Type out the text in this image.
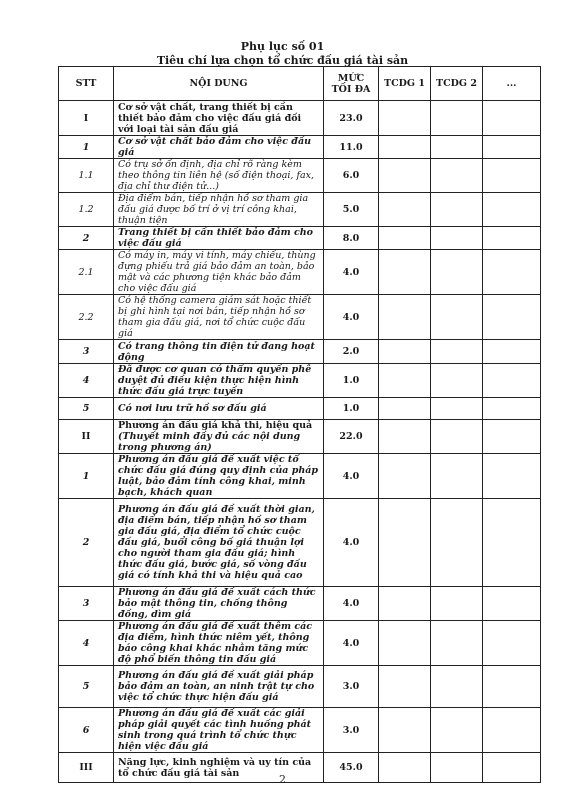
Phụ lục số 01
Tiêu chí lựa chọn tổ chức đấu giá tài sản
STT	NỘI DUNG	MỨC TỐI ĐA	TCDG 1	TCDG 2	...
I	Cơ sở vật chất, trang thiết bị cần thiết bảo đảm cho việc đấu giá đối với loại tài sản đấu giá	23.0			
1	Cơ sở vật chất bảo đảm cho việc đấu giá	11.0			
1.1	Có trụ sở ổn định, địa chỉ rõ ràng kèm theo thông tin liên hệ (số điện thoại, fax, địa chỉ thư điện tử...)	6.0			
1.2	Địa điểm bán, tiếp nhận hồ sơ tham gia đấu giá được bố trí ở vị trí công khai, thuận tiện	5.0			
2	Trang thiết bị cần thiết bảo đảm cho việc đấu giá	8.0			
2.1	Có máy in, máy vi tính, máy chiếu, thùng đựng phiếu trả giá bảo đảm an toàn, bảo mật và các phương tiện khác bảo đảm cho việc đấu giá	4.0			
2.2	Có hệ thống camera giám sát hoặc thiết bị ghi hình tại nơi bán, tiếp nhận hồ sơ tham gia đấu giá, nơi tổ chức cuộc đấu giá	4.0			
3	Có trang thông tin điện tử đang hoạt động	2.0			
4	Đã được cơ quan có thẩm quyền phê duyệt đủ điều kiện thực hiện hình thức đấu giá trực tuyến	1.0			
5	Có nơi lưu trữ hồ sơ đấu giá	1.0			
II	Phương án đấu giá khả thi, hiệu quả (Thuyết minh đầy đủ các nội dung trong phương án)	22.0			
1	Phương án đấu giá đề xuất việc tổ chức đấu giá đúng quy định của pháp luật, bảo đảm tính công khai, minh bạch, khách quan	4.0			
2	Phương án đấu giá đề xuất thời gian, địa điểm bán, tiếp nhận hồ sơ tham gia đấu giá, địa điểm tổ chức cuộc đấu giá, buổi công bố giá thuận lợi cho người tham gia đấu giá; hình thức đấu giá, bước giá, số vòng đấu giá có tính khả thi và hiệu quả cao	4.0			
3	Phương án đấu giá đề xuất cách thức bảo mật thông tin, chống thông đồng, dìm giá	4.0			
4	Phương án đấu giá đề xuất thêm các địa điểm, hình thức niêm yết, thông báo công khai khác nhằm tăng mức độ phổ biến thông tin đấu giá	4.0			
5	Phương án đấu giá đề xuất giải pháp bảo đảm an toàn, an ninh trật tự cho việc tổ chức thực hiện đấu giá	3.0			
6	Phương án đấu giá đề xuất các giải pháp giải quyết các tình huống phát sinh trong quá trình tổ chức thực hiện việc đấu giá	3.0			
III	Năng lực, kinh nghiệm và uy tín của tổ chức đấu giá tài sản	45.0			
2
